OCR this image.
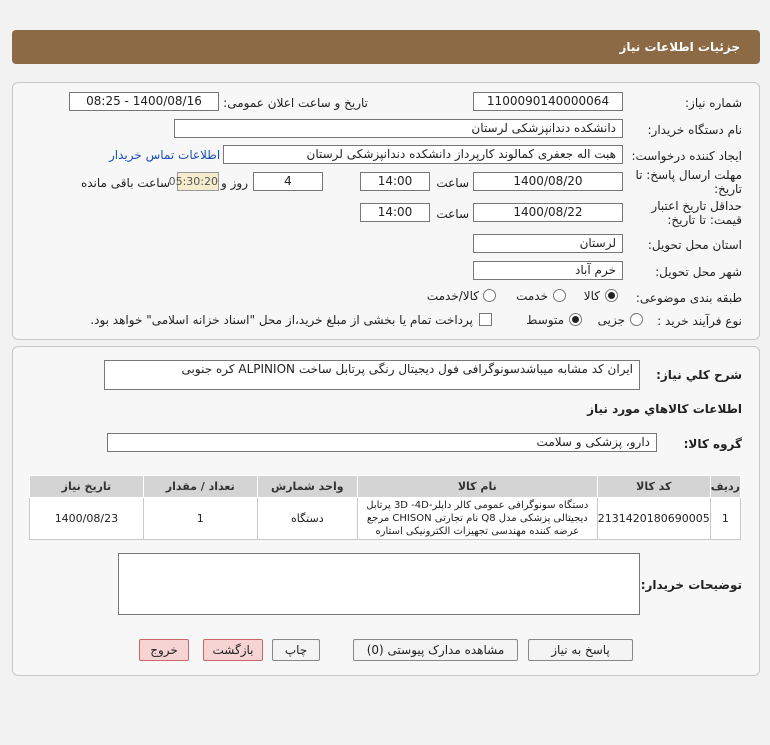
جزئیات اطلاعات نیاز
شماره نیاز:
1100090140000064
تاریخ و ساعت اعلان عمومی:
1400/08/16 - 08:25
نام دستگاه خریدار:
دانشکده دندانپزشکی لرستان
ایجاد کننده درخواست:
هبت اله جعفری کمالوند کارپرداز دانشکده دندانپزشکی لرستان
اطلاعات تماس خریدار
مهلت ارسال پاسخ: تا
تاریخ:
1400/08/20
ساعت
14:00
4
روز و
05:30:20
ساعت باقی مانده
حداقل تاریخ اعتبار
قیمت: تا تاریخ:
1400/08/22
ساعت
14:00
استان محل تحویل:
لرستان
شهر محل تحویل:
خرم آباد
طبقه بندی موضوعی:
کالا
خدمت
کالا/خدمت
نوع فرآیند خرید :
جزیی
متوسط
پرداخت تمام یا بخشی از مبلغ خرید،از محل "اسناد خزانه اسلامی" خواهد بود.
شرح کلي نياز:
ایران کد مشابه میباشدسونوگرافی فول دیجیتال رنگی پرتابل ساخت ALPINION کره جنوبی
اطلاعات کالاهاي مورد نياز
گروه کالا:
دارو، پزشکی و سلامت
ردیف	کد کالا	نام کالا	واحد شمارش	تعداد / مقدار	تاریخ نیاز
1	2131420180690005	دستگاه سونوگرافی عمومی کالر داپلر-3D -4D پرتابل دیجیتالی پزشکی مدل Q8 نام تجارتی CHISON مرجع عرضه کننده مهندسی تجهیزات الکترونیکی استاره	دستگاه	1	1400/08/23
توضیحات خریدار:
پاسخ به نیاز
مشاهده مدارک پیوستی (0)
چاپ
بازگشت
خروج
